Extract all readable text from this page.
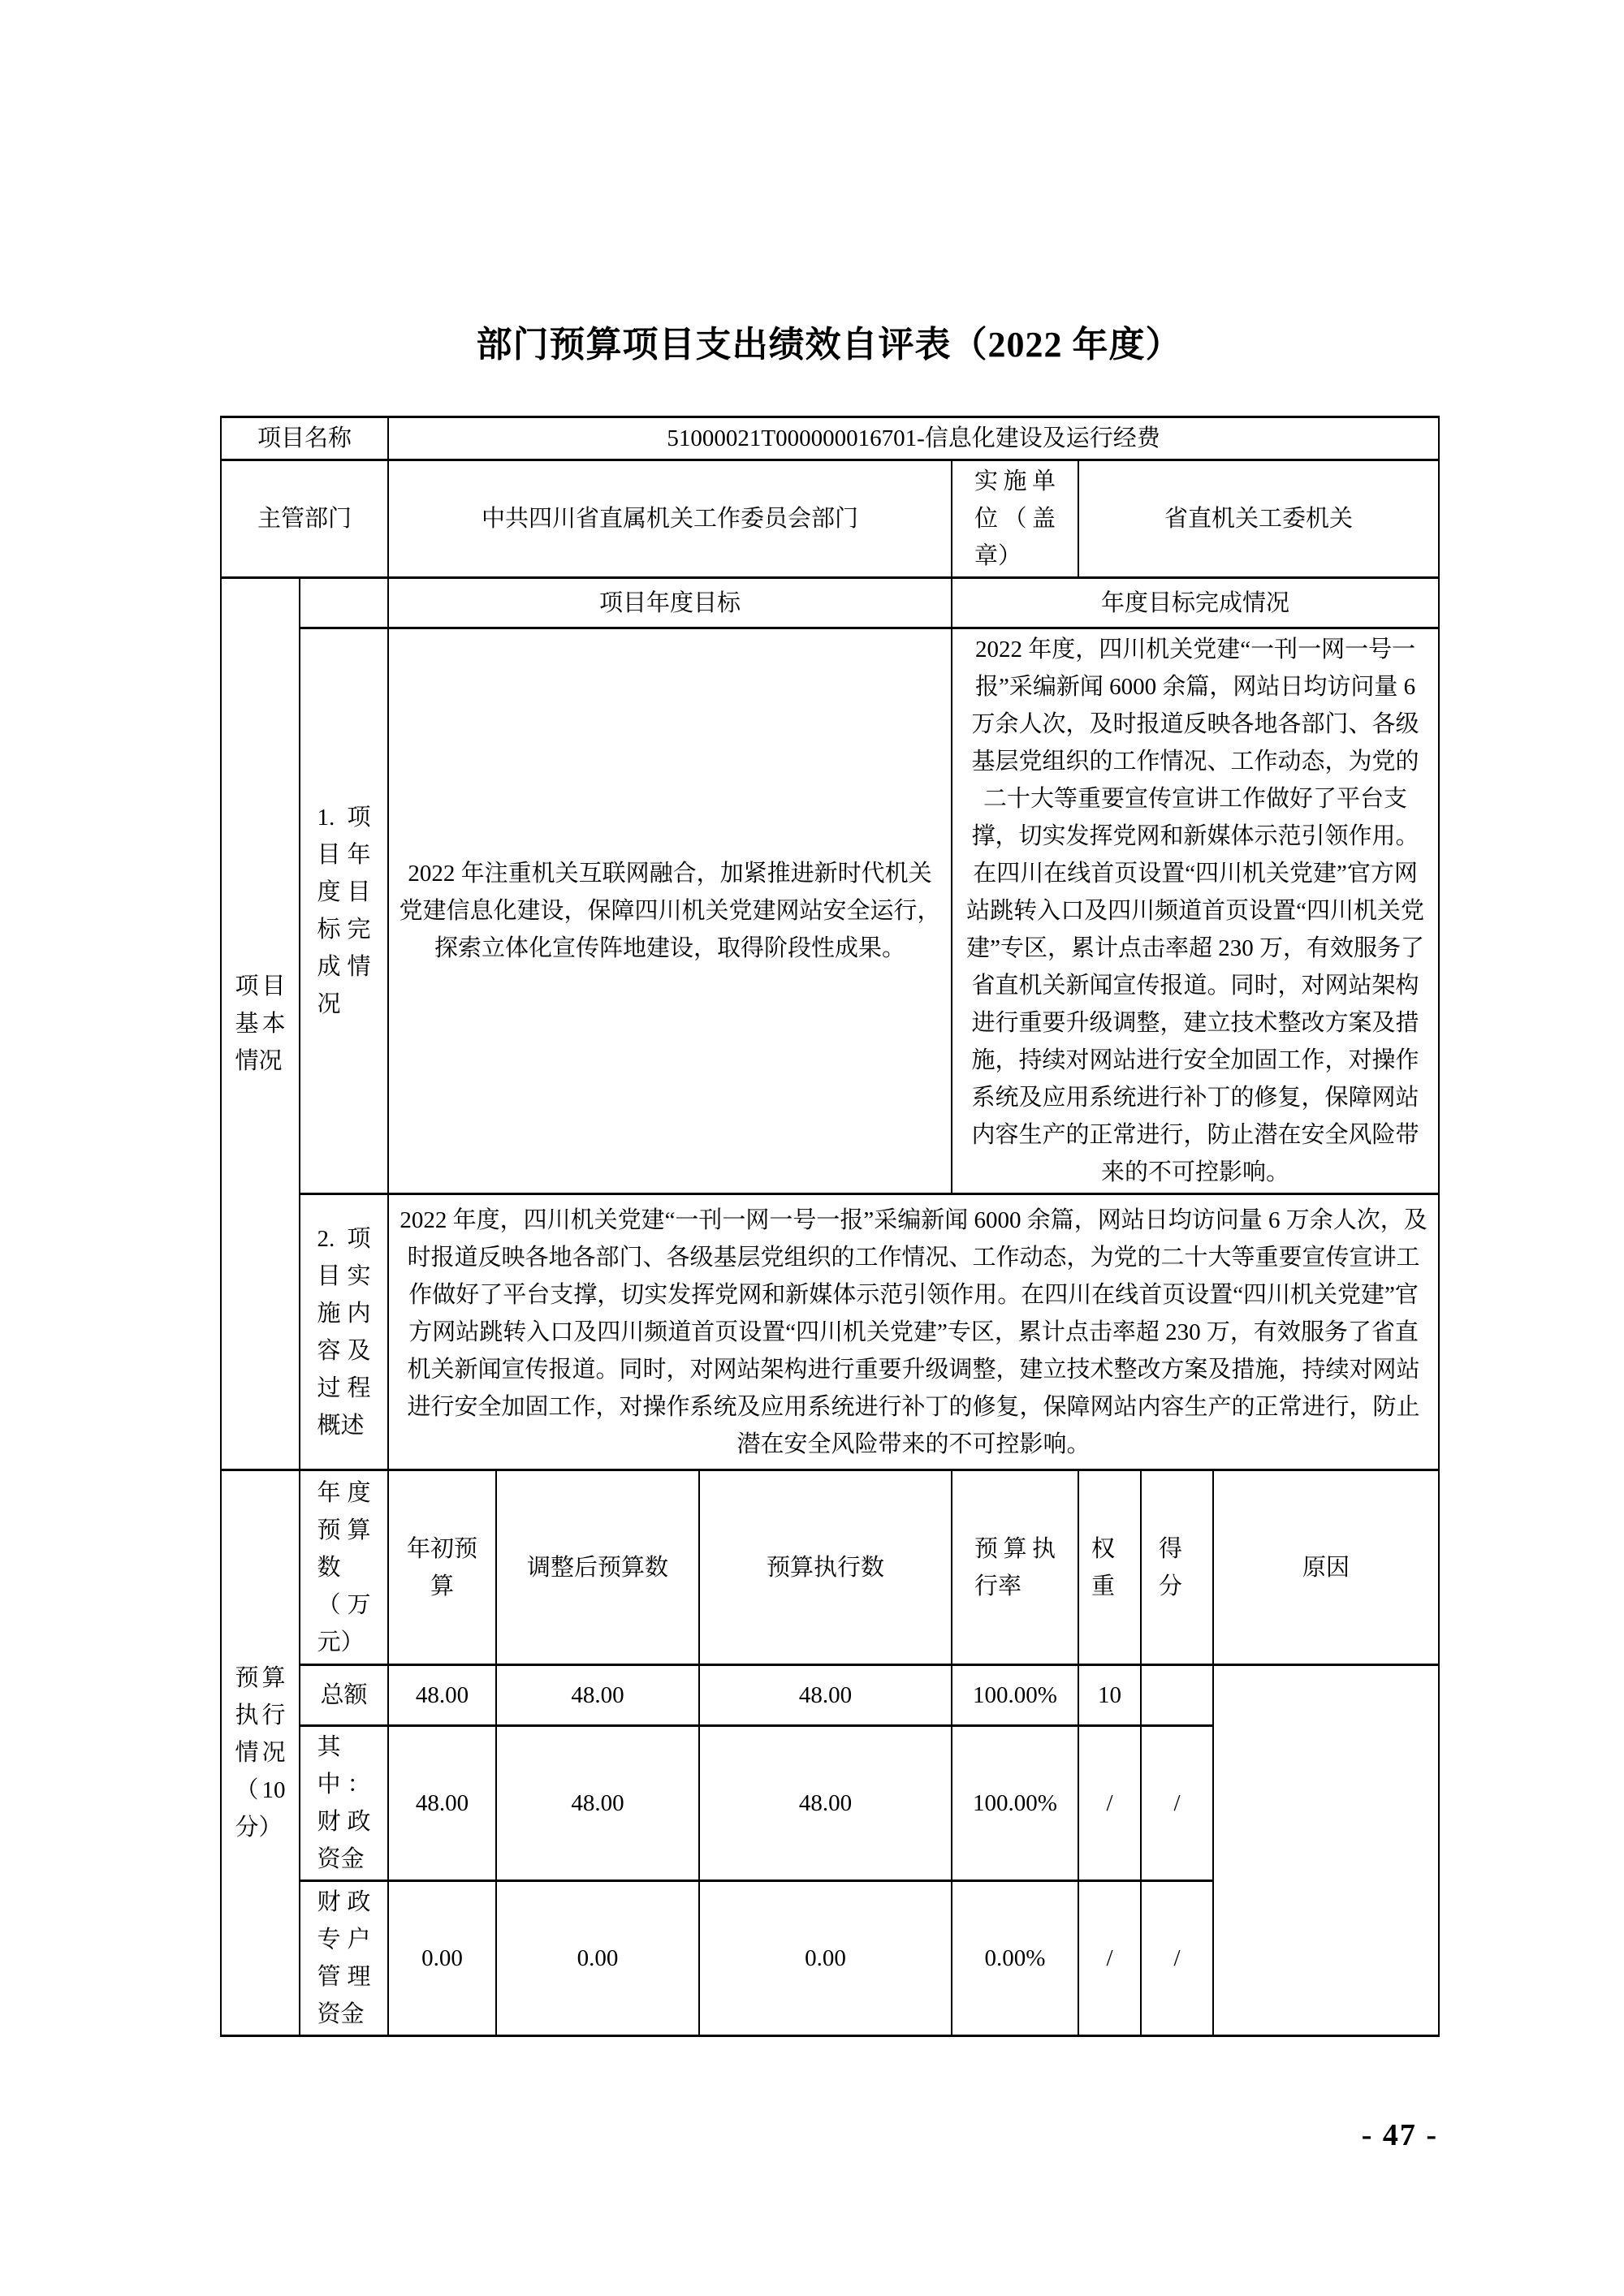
部门预算项目支出绩效自评表（2022 年度）
项目名称		51000021T000000016701-信息化建设及运行经费						
主管部门		中共四川省直属机关工作委员会部门			实施单位（盖章）	省直机关工委机关		
项目基本情况		项目年度目标			年度目标完成情况			
	1.项目年度目标完成情况	2022 年注重机关互联网融合，加紧推进新时代机关党建信息化建设，保障四川机关党建网站安全运行，探索立体化宣传阵地建设，取得阶段性成果。			2022 年度，四川机关党建“一刊一网一号一报”采编新闻 6000 余篇，网站日均访问量 6 万余人次，及时报道反映各地各部门、各级基层党组织的工作情况、工作动态，为党的二十大等重要宣传宣讲工作做好了平台支撑，切实发挥党网和新媒体示范引领作用。在四川在线首页设置“四川机关党建”官方网站跳转入口及四川频道首页设置“四川机关党建”专区，累计点击率超 230 万，有效服务了省直机关新闻宣传报道。同时，对网站架构进行重要升级调整，建立技术整改方案及措施，持续对网站进行安全加固工作，对操作系统及应用系统进行补丁的修复，保障网站内容生产的正常进行，防止潜在安全风险带来的不可控影响。			
	2.项目实施内容及过程概述	2022 年度，四川机关党建“一刊一网一号一报”采编新闻 6000 余篇，网站日均访问量 6 万余人次，及时报道反映各地各部门、各级基层党组织的工作情况、工作动态，为党的二十大等重要宣传宣讲工作做好了平台支撑，切实发挥党网和新媒体示范引领作用。在四川在线首页设置“四川机关党建”官方网站跳转入口及四川频道首页设置“四川机关党建”专区，累计点击率超 230 万，有效服务了省直机关新闻宣传报道。同时，对网站架构进行重要升级调整，建立技术整改方案及措施，持续对网站进行安全加固工作，对操作系统及应用系统进行补丁的修复，保障网站内容生产的正常进行，防止潜在安全风险带来的不可控影响。						
预算执行情况（10 分）	年度预算数（万元）	年初预算	调整后预算数	预算执行数	预算执行率	权重	得分	原因
	总额	48.00	48.00	48.00	100.00%	10		
	其中：财政资金	48.00	48.00	48.00	100.00%	/	/	
	财政专户管理资金	0.00	0.00	0.00	0.00%	/	/	
- 47 -
